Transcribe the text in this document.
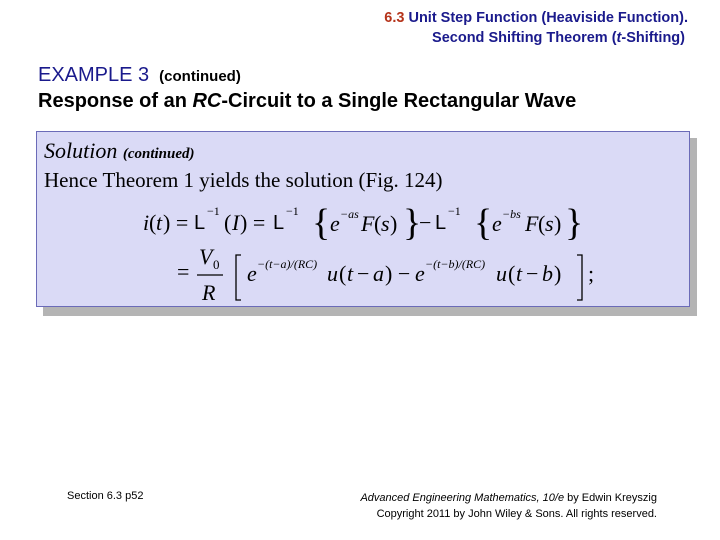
6.3 Unit Step Function (Heaviside Function).
Second Shifting Theorem (t-Shifting)
EXAMPLE 3 (continued)
Response of an RC-Circuit to a Single Rectangular Wave
Solution (continued)
Hence Theorem 1 yields the solution (Fig. 124)
i ( t ) = L
−1 ( I ) = L
−1 { e −as F ( s ) }
− L
−1 { e −bs F ( s ) }
=
V 0
R
e −(t−a)/(RC) u ( t − a ) − e −(t−b)/(RC) u ( t − b ) ;
Section 6.3 p52	Advanced Engineering Mathematics, 10/e by Edwin Kreyszig
Copyright 2011 by John Wiley & Sons. All rights reserved.
